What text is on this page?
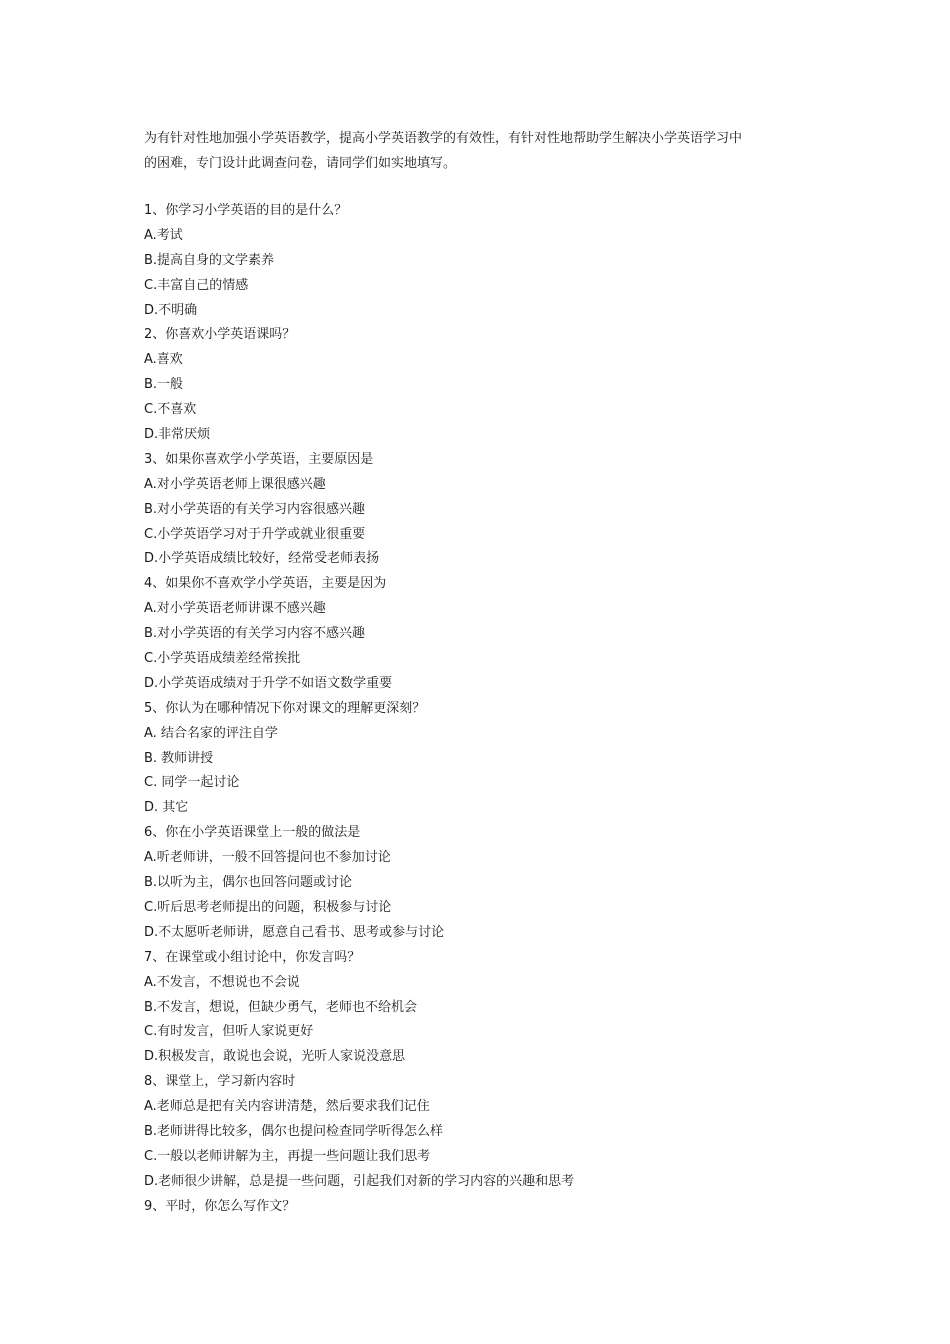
为有针对性地加强小学英语教学，提高小学英语教学的有效性，有针对性地帮助学生解决小学英语学习中
的困难，专门设计此调查问卷，请同学们如实地填写。
1、你学习小学英语的目的是什么？
A.考试
B.提高自身的文学素养
C.丰富自己的情感
D.不明确
2、你喜欢小学英语课吗？
A.喜欢
B.一般
C.不喜欢
D.非常厌烦
3、如果你喜欢学小学英语，主要原因是
A.对小学英语老师上课很感兴趣
B.对小学英语的有关学习内容很感兴趣
C.小学英语学习对于升学或就业很重要
D.小学英语成绩比较好，经常受老师表扬
4、如果你不喜欢学小学英语，主要是因为
A.对小学英语老师讲课不感兴趣
B.对小学英语的有关学习内容不感兴趣
C.小学英语成绩差经常挨批
D.小学英语成绩对于升学不如语文数学重要
5、你认为在哪种情况下你对课文的理解更深刻？
A. 结合名家的评注自学
B. 教师讲授
C. 同学一起讨论
D. 其它
6、你在小学英语课堂上一般的做法是
A.听老师讲，一般不回答提问也不参加讨论
B.以听为主，偶尔也回答问题或讨论
C.听后思考老师提出的问题，积极参与讨论
D.不太愿听老师讲，愿意自己看书、思考或参与讨论
7、在课堂或小组讨论中，你发言吗？
A.不发言，不想说也不会说
B.不发言，想说，但缺少勇气，老师也不给机会
C.有时发言，但听人家说更好
D.积极发言，敢说也会说，光听人家说没意思
8、课堂上，学习新内容时
A.老师总是把有关内容讲清楚，然后要求我们记住
B.老师讲得比较多，偶尔也提问检查同学听得怎么样
C.一般以老师讲解为主，再提一些问题让我们思考
D.老师很少讲解，总是提一些问题，引起我们对新的学习内容的兴趣和思考
9、平时，你怎么写作文？
